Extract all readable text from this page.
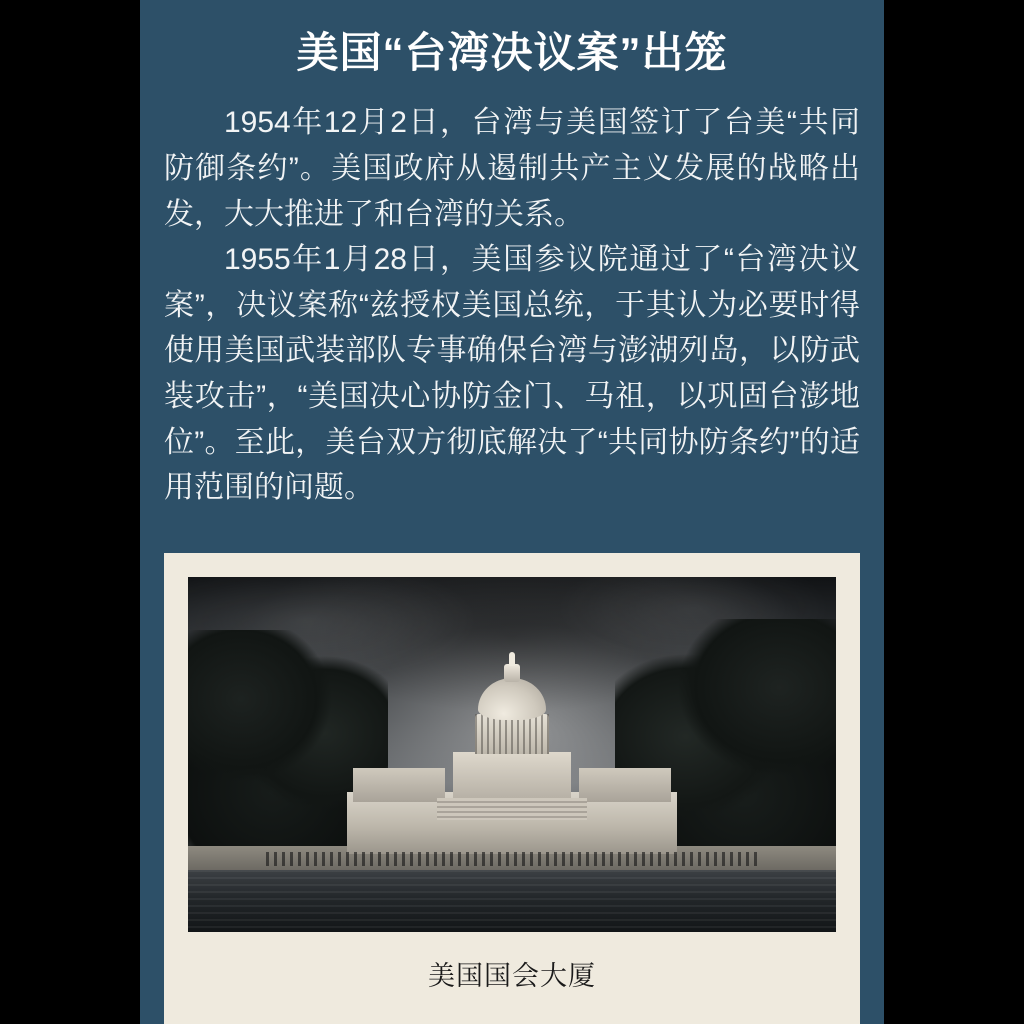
美国“台湾决议案”出笼

1954年12月2日，台湾与美国签订了台美“共同防御条约”。美国政府从遏制共产主义发展的战略出发，大大推进了和台湾的关系。

1955年1月28日，美国参议院通过了“台湾决议案”，决议案称“兹授权美国总统，于其认为必要时得使用美国武装部队专事确保台湾与澎湖列岛，以防武装攻击”，“美国决心协防金门、马祖，以巩固台澎地位”。至此，美台双方彻底解决了“共同协防条约”的适用范围的问题。

美国国会大厦
